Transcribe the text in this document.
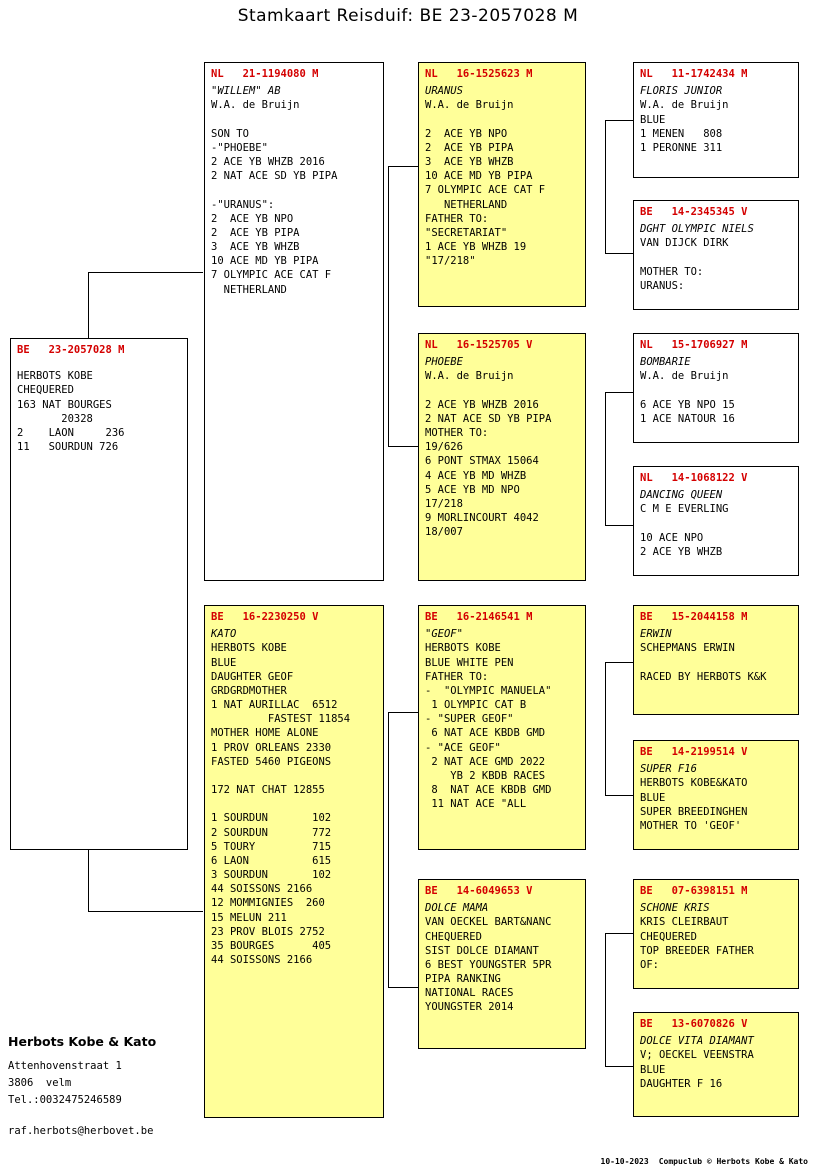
Stamkaart Reisduif: BE 23-2057028 M
BE   23-2057028 M
HERBOTS KOBE
CHEQUERED
163 NAT BOURGES
20328
2    LAON     236
11   SOURDUN 726
NL   21-1194080 M
"WILLEM" AB
W.A. de Bruijn

SON TO
-"PHOEBE"
2 ACE YB WHZB 2016
2 NAT ACE SD YB PIPA

-"URANUS":
2  ACE YB NPO
2  ACE YB PIPA
3  ACE YB WHZB
10 ACE MD YB PIPA
7 OLYMPIC ACE CAT F
NETHERLAND
BE   16-2230250 V
KATO
HERBOTS KOBE
BLUE
DAUGHTER GEOF
GRDGRDMOTHER
1 NAT AURILLAC  6512
FASTEST 11854
MOTHER HOME ALONE
1 PROV ORLEANS 2330
FASTED 5460 PIGEONS

172 NAT CHAT 12855

1 SOURDUN       102
2 SOURDUN       772
5 TOURY         715
6 LAON          615
3 SOURDUN       102
44 SOISSONS 2166
12 MOMMIGNIES  260
15 MELUN 211
23 PROV BLOIS 2752
35 BOURGES      405
44 SOISSONS 2166
NL   16-1525623 M
URANUS
W.A. de Bruijn

2  ACE YB NPO
2  ACE YB PIPA
3  ACE YB WHZB
10 ACE MD YB PIPA
7 OLYMPIC ACE CAT F
NETHERLAND
FATHER TO:
"SECRETARIAT"
1 ACE YB WHZB 19
"17/218"
NL   16-1525705 V
PHOEBE
W.A. de Bruijn

2 ACE YB WHZB 2016
2 NAT ACE SD YB PIPA
MOTHER TO:
19/626
6 PONT STMAX 15064
4 ACE YB MD WHZB
5 ACE YB MD NPO
17/218
9 MORLINCOURT 4042
18/007
BE   16-2146541 M
"GEOF"
HERBOTS KOBE
BLUE WHITE PEN
FATHER TO:
-  "OLYMPIC MANUELA"
1 OLYMPIC CAT B
- "SUPER GEOF"
6 NAT ACE KBDB GMD
- "ACE GEOF"
2 NAT ACE GMD 2022
YB 2 KBDB RACES
8  NAT ACE KBDB GMD
11 NAT ACE "ALL
BE   14-6049653 V
DOLCE MAMA
VAN OECKEL BART&NANC
CHEQUERED
SIST DOLCE DIAMANT
6 BEST YOUNGSTER 5PR
PIPA RANKING
NATIONAL RACES
YOUNGSTER 2014
NL   11-1742434 M
FLORIS JUNIOR
W.A. de Bruijn
BLUE
1 MENEN   808
1 PERONNE 311
BE   14-2345345 V
DGHT OLYMPIC NIELS
VAN DIJCK DIRK

MOTHER TO:
URANUS:
NL   15-1706927 M
BOMBARIE
W.A. de Bruijn

6 ACE YB NPO 15
1 ACE NATOUR 16
NL   14-1068122 V
DANCING QUEEN
C M E EVERLING

10 ACE NPO
2 ACE YB WHZB
BE   15-2044158 M
ERWIN
SCHEPMANS ERWIN

RACED BY HERBOTS K&K
BE   14-2199514 V
SUPER F16
HERBOTS KOBE&KATO
BLUE
SUPER BREEDINGHEN
MOTHER TO 'GEOF'
BE   07-6398151 M
SCHONE KRIS
KRIS CLEIRBAUT
CHEQUERED
TOP BREEDER FATHER
OF:
BE   13-6070826 V
DOLCE VITA DIAMANT
V; OECKEL VEENSTRA
BLUE
DAUGHTER F 16
Herbots Kobe & Kato
Attenhovenstraat 1
3806  velm
Tel.:0032475246589
raf.herbots@herbovet.be
10-10-2023 Compuclub © Herbots Kobe & Kato
